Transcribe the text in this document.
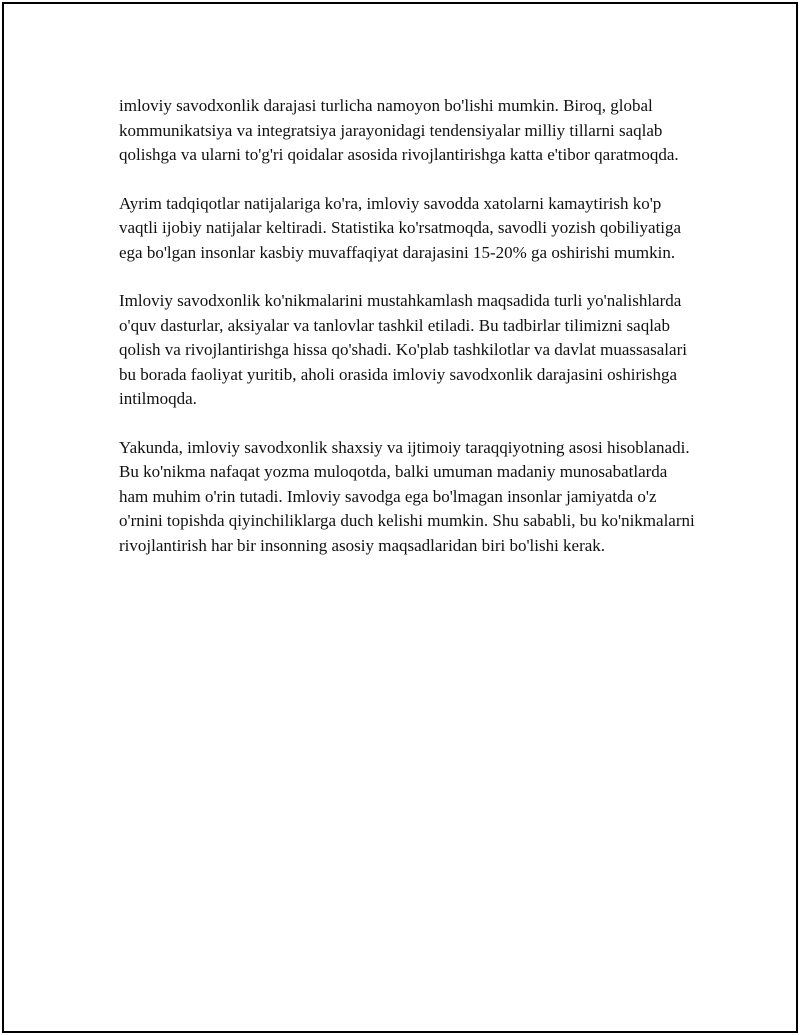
imloviy savodxonlik darajasi turlicha namoyon bo'lishi mumkin. Biroq, global kommunikatsiya va integratsiya jarayonidagi tendensiyalar milliy tillarni saqlab qolishga va ularni to'g'ri qoidalar asosida rivojlantirishga katta e'tibor qaratmoqda.

Ayrim tadqiqotlar natijalariga ko'ra, imloviy savodda xatolarni kamaytirish ko'p vaqtli ijobiy natijalar keltiradi. Statistika ko'rsatmoqda, savodli yozish qobiliyatiga ega bo'lgan insonlar kasbiy muvaffaqiyat darajasini 15-20% ga oshirishi mumkin.

Imloviy savodxonlik ko'nikmalarini mustahkamlash maqsadida turli yo'nalishlarda o'quv dasturlar, aksiyalar va tanlovlar tashkil etiladi. Bu tadbirlar tilimizni saqlab qolish va rivojlantirishga hissa qo'shadi. Ko'plab tashkilotlar va davlat muassasalari bu borada faoliyat yuritib, aholi orasida imloviy savodxonlik darajasini oshirishga intilmoqda.

Yakunda, imloviy savodxonlik shaxsiy va ijtimoiy taraqqiyotning asosi hisoblanadi. Bu ko'nikma nafaqat yozma muloqotda, balki umuman madaniy munosabatlarda ham muhim o'rin tutadi. Imloviy savodga ega bo'lmagan insonlar jamiyatda o'z o'rnini topishda qiyinchiliklarga duch kelishi mumkin. Shu sababli, bu ko'nikmalarni rivojlantirish har bir insonning asosiy maqsadlaridan biri bo'lishi kerak.
